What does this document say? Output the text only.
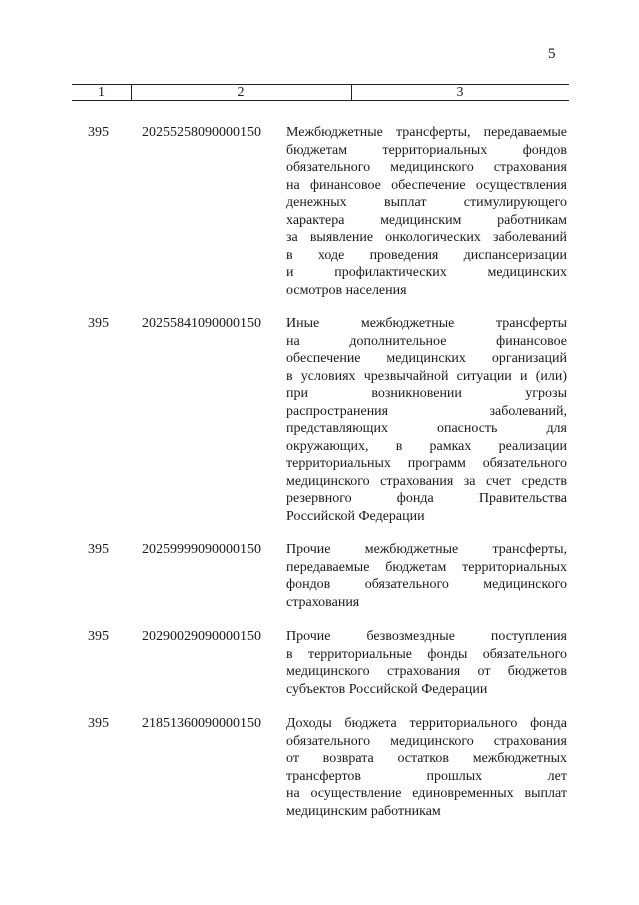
5
1	2	3
395	20255258090000150	Межбюджетные трансферты, передаваемые
бюджетам территориальных фондов
обязательного медицинского страхования
на финансовое обеспечение осуществления
денежных выплат стимулирующего
характера медицинским работникам
за выявление онкологических заболеваний
в ходе проведения диспансеризации
и профилактических медицинских
осмотров населения
395	20255841090000150	Иные межбюджетные трансферты
на дополнительное финансовое
обеспечение медицинских организаций
в условиях чрезвычайной ситуации и (или)
при возникновении угрозы
распространения заболеваний,
представляющих опасность для
окружающих, в рамках реализации
территориальных программ обязательного
медицинского страхования за счет средств
резервного фонда Правительства
Российской Федерации
395	20259999090000150	Прочие межбюджетные трансферты,
передаваемые бюджетам территориальных
фондов обязательного медицинского
страхования
395	20290029090000150	Прочие безвозмездные поступления
в территориальные фонды обязательного
медицинского страхования от бюджетов
субъектов Российской Федерации
395	21851360090000150	Доходы бюджета территориального фонда
обязательного медицинского страхования
от возврата остатков межбюджетных
трансфертов прошлых лет
на осуществление единовременных выплат
медицинским работникам
